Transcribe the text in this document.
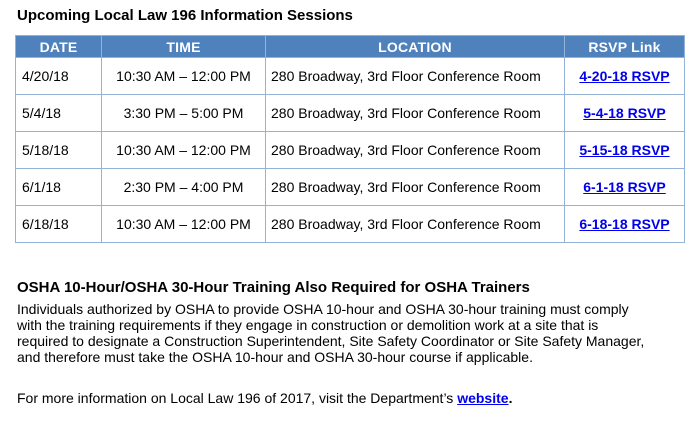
Upcoming Local Law 196 Information Sessions
DATE	TIME	LOCATION	RSVP Link
4/20/18	10:30 AM – 12:00 PM	280 Broadway, 3rd Floor Conference Room	4-20-18 RSVP
5/4/18	3:30 PM – 5:00 PM	280 Broadway, 3rd Floor Conference Room	5-4-18 RSVP
5/18/18	10:30 AM – 12:00 PM	280 Broadway, 3rd Floor Conference Room	5-15-18 RSVP
6/1/18	2:30 PM – 4:00 PM	280 Broadway, 3rd Floor Conference Room	6-1-18 RSVP
6/18/18	10:30 AM – 12:00 PM	280 Broadway, 3rd Floor Conference Room	6-18-18 RSVP
OSHA 10-Hour/OSHA 30-Hour Training Also Required for OSHA Trainers
Individuals authorized by OSHA to provide OSHA 10-hour and OSHA 30-hour training must comply
with the training requirements if they engage in construction or demolition work at a site that is
required to designate a Construction Superintendent, Site Safety Coordinator or Site Safety Manager,
and therefore must take the OSHA 10-hour and OSHA 30-hour course if applicable.
For more information on Local Law 196 of 2017, visit the Department’s website.
